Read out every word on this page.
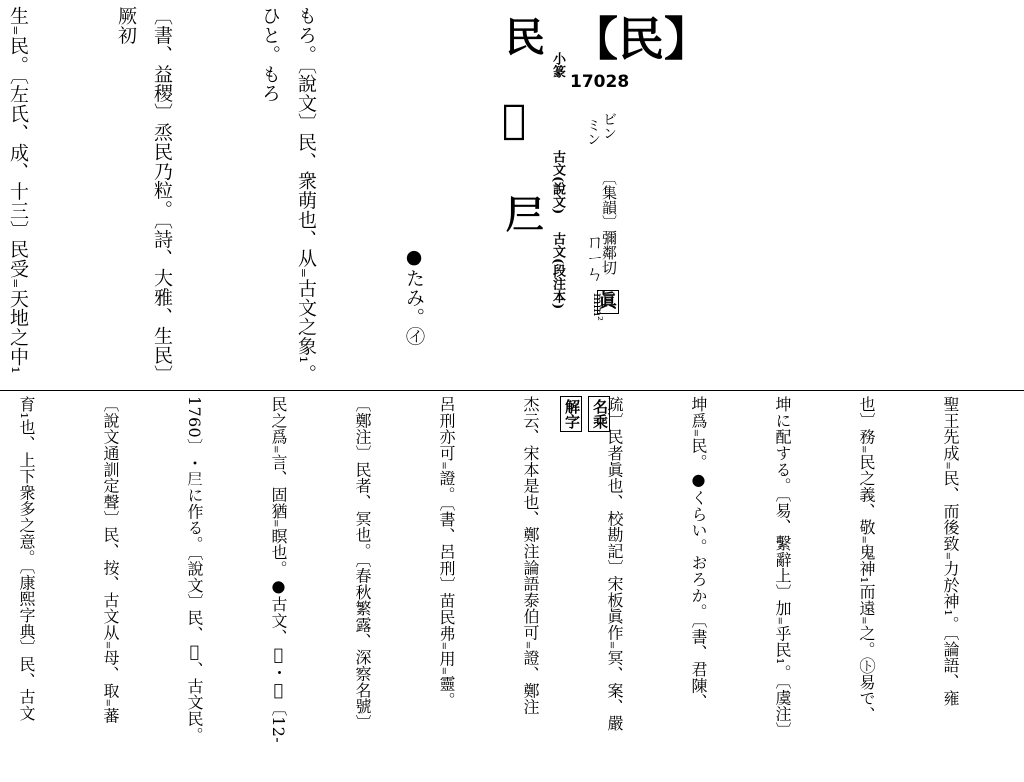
【民】
17028
民
小篆
𢼸
古文(說文)
𡰥
古文(段注本)
ビン
ミン
〔集韻〕彌鄰切
ㄇㄧㄣ
min²
眞

●たみ。㋑

もろ。〔說文〕民、衆萌也、从₌古文之象₁。ひと。もろ

〔書、益稷〕烝民乃粒。〔詩、大雅、生民〕厥初

生₌民。〔左氏、成、十三〕民受₌天地之中₁

聖王先成₌民、而後致₌力於神₁。〔論語、雍

也〕務₌民之義、敬₌鬼神₁而遠₌之。㋣易で、

坤に配する。〔易、繫辭上〕加₌乎民₁。〔虞注〕

坤爲₌民。●くらい。おろか。〔書、君陳、

疏〕民者眞也、校勘記〕宋板眞作₌冥、案、嚴

杰云、宋本是也、鄭注論語泰伯可₌證、鄭注

呂刑亦可₌證。〔書、呂刑〕苗民弗₌用₌靈。

〔鄭注〕民者、冥也。〔春秋繁露、深察名號〕

民之爲₌言、固猶₌瞑也。●古文、𢼸・𡰥〔12-

1760〕・𡰥に作る。〔說文〕民、𢼸、古文民。

〔說文通訓定聲〕民、按、古文从₌母、取₌蕃

育₁也、上下衆多之意。〔康熙字典〕民、古文

	名乘
解字
